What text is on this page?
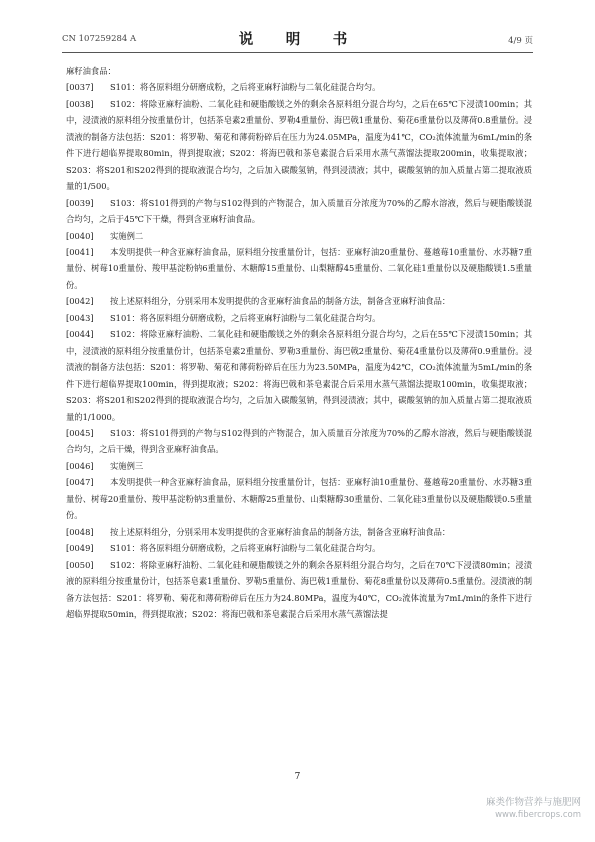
CN 107259284 A	说　明　书	4/9 页

麻籽油食品：

[0037] S101：将各原料组分研磨成粉，之后将亚麻籽油粉与二氧化硅混合均匀。

[0038] S102：将除亚麻籽油粉、二氧化硅和硬脂酸镁之外的剩余各原料组分混合均匀，之后在65℃下浸渍100min；其中，浸渍液的原料组分按重量份计，包括茶皂素2重量份、罗勒4重量份、海巴戟1重量份、菊花6重量份以及薄荷0.8重量份。浸渍液的制备方法包括：S201：将罗勒、菊花和薄荷粉碎后在压力为24.05MPa，温度为41℃，CO₂流体流量为6mL/min的条件下进行超临界提取80min，得到提取液；S202：将海巴戟和茶皂素混合后采用水蒸气蒸馏法提取200min，收集提取液；S203：将S201和S202得到的提取液混合均匀，之后加入碳酸氢钠，得到浸渍液；其中，碳酸氢钠的加入质量占第二提取液质量的1/500。

[0039] S103：将S101得到的产物与S102得到的产物混合，加入质量百分浓度为70%的乙醇水溶液，然后与硬脂酸镁混合均匀，之后于45℃下干燥，得到含亚麻籽油食品。

[0040] 实施例二

[0041] 本发明提供一种含亚麻籽油食品，原料组分按重量份计，包括：亚麻籽油20重量份、蔓越莓10重量份、水苏糖7重量份、树莓10重量份、羧甲基淀粉钠6重量份、木糖醇15重量份、山梨糖醇45重量份、二氧化硅1重量份以及硬脂酸镁1.5重量份。

[0042] 按上述原料组分，分别采用本发明提供的含亚麻籽油食品的制备方法，制备含亚麻籽油食品：

[0043] S101：将各原料组分研磨成粉，之后将亚麻籽油粉与二氧化硅混合均匀。

[0044] S102：将除亚麻籽油粉、二氧化硅和硬脂酸镁之外的剩余各原料组分混合均匀，之后在55℃下浸渍150min；其中，浸渍液的原料组分按重量份计，包括茶皂素2重量份、罗勒3重量份、海巴戟2重量份、菊花4重量份以及薄荷0.9重量份。浸渍液的制备方法包括：S201：将罗勒、菊花和薄荷粉碎后在压力为23.50MPa，温度为42℃，CO₂流体流量为5mL/min的条件下进行超临界提取100min，得到提取液；S202：将海巴戟和茶皂素混合后采用水蒸气蒸馏法提取100min，收集提取液；S203：将S201和S202得到的提取液混合均匀，之后加入碳酸氢钠，得到浸渍液；其中，碳酸氢钠的加入质量占第二提取液质量的1/1000。

[0045] S103：将S101得到的产物与S102得到的产物混合，加入质量百分浓度为70%的乙醇水溶液，然后与硬脂酸镁混合均匀，之后干燥，得到含亚麻籽油食品。

[0046] 实施例三

[0047] 本发明提供一种含亚麻籽油食品，原料组分按重量份计，包括：亚麻籽油10重量份、蔓越莓20重量份、水苏糖3重量份、树莓20重量份、羧甲基淀粉钠3重量份、木糖醇25重量份、山梨糖醇30重量份、二氧化硅3重量份以及硬脂酸镁0.5重量份。

[0048] 按上述原料组分，分别采用本发明提供的含亚麻籽油食品的制备方法，制备含亚麻籽油食品：

[0049] S101：将各原料组分研磨成粉，之后将亚麻籽油粉与二氧化硅混合均匀。

[0050] S102：将除亚麻籽油粉、二氧化硅和硬脂酸镁之外的剩余各原料组分混合均匀，之后在70℃下浸渍80min；浸渍液的原料组分按重量份计，包括茶皂素1重量份、罗勒5重量份、海巴戟1重量份、菊花8重量份以及薄荷0.5重量份。浸渍液的制备方法包括：S201：将罗勒、菊花和薄荷粉碎后在压力为24.80MPa，温度为40℃，CO₂流体流量为7mL/min的条件下进行超临界提取50min，得到提取液；S202：将海巴戟和茶皂素混合后采用水蒸气蒸馏法提

7
麻类作物营养与施肥网
www.fibercrops.com
